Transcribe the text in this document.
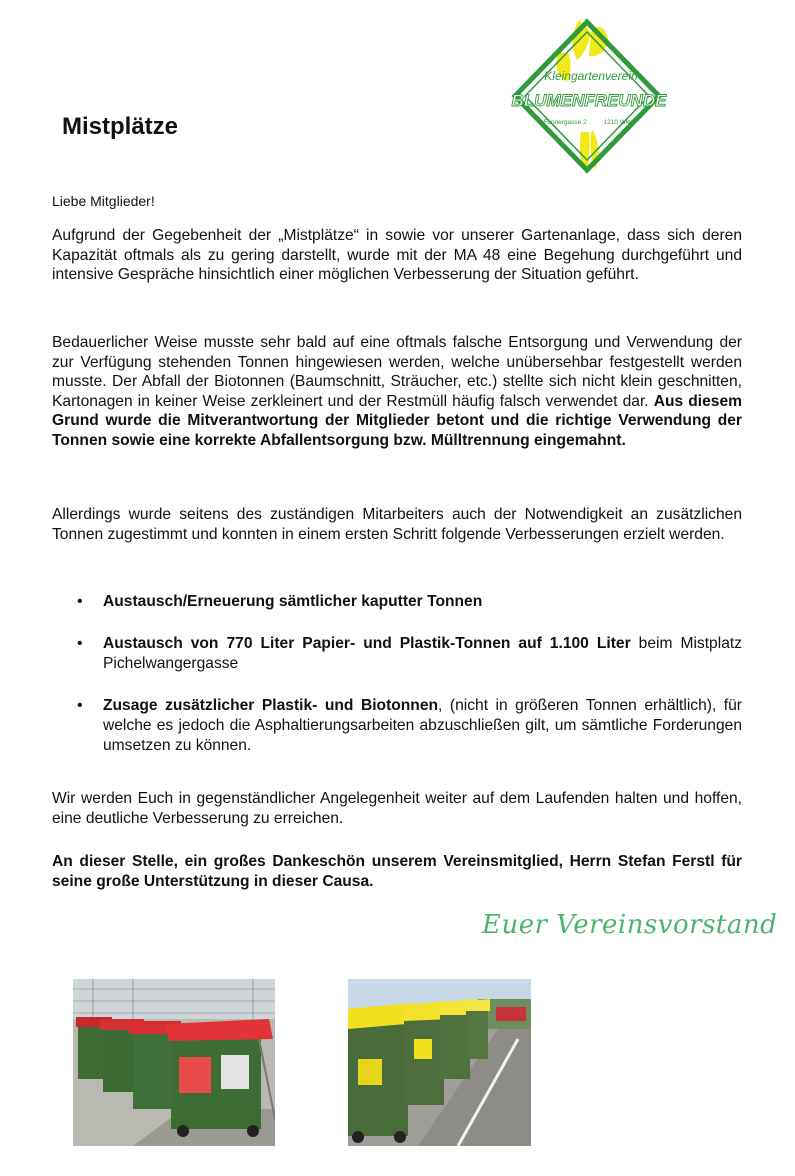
Mistplätze
Kleingartenverein
BLUMENFREUNDE
Fännergasse 2	1210 Wien
Liebe Mitglieder!
Aufgrund der Gegebenheit der „Mistplätze“ in sowie vor unserer Gartenanlage, dass sich deren Kapazität oftmals als zu gering darstellt, wurde mit der MA 48 eine Begehung durchgeführt und intensive Gespräche hinsichtlich einer möglichen Verbesserung der Situation geführt.
Bedauerlicher Weise musste sehr bald auf eine oftmals falsche Entsorgung und Verwendung der zur Verfügung stehenden Tonnen hingewiesen werden, welche unübersehbar festgestellt werden musste. Der Abfall der Biotonnen (Baumschnitt, Sträucher, etc.) stellte sich nicht klein geschnitten, Kartonagen in keiner Weise zerkleinert und der Restmüll häufig falsch verwendet dar. Aus diesem Grund wurde die Mitverantwortung der Mitglieder betont und die richtige Verwendung der Tonnen sowie eine korrekte Abfallentsorgung bzw. Mülltrennung eingemahnt.
Allerdings wurde seitens des zuständigen Mitarbeiters auch der Notwendigkeit an zusätzlichen Tonnen zugestimmt und konnten in einem ersten Schritt folgende Verbesserungen erzielt werden.
• Austausch/Erneuerung sämtlicher kaputter Tonnen
• Austausch von 770 Liter Papier- und Plastik-Tonnen auf 1.100 Liter beim Mistplatz Pichelwangergasse
• Zusage zusätzlicher Plastik- und Biotonnen, (nicht in größeren Tonnen erhältlich), für welche es jedoch die Asphaltierungsarbeiten abzuschließen gilt, um sämtliche Forderungen umsetzen zu können.
Wir werden Euch in gegenständlicher Angelegenheit weiter auf dem Laufenden halten und hoffen, eine deutliche Verbesserung zu erreichen.
An dieser Stelle, ein großes Dankeschön unserem Vereinsmitglied, Herrn Stefan Ferstl für seine große Unterstützung in dieser Causa.
Euer Vereinsvorstand
